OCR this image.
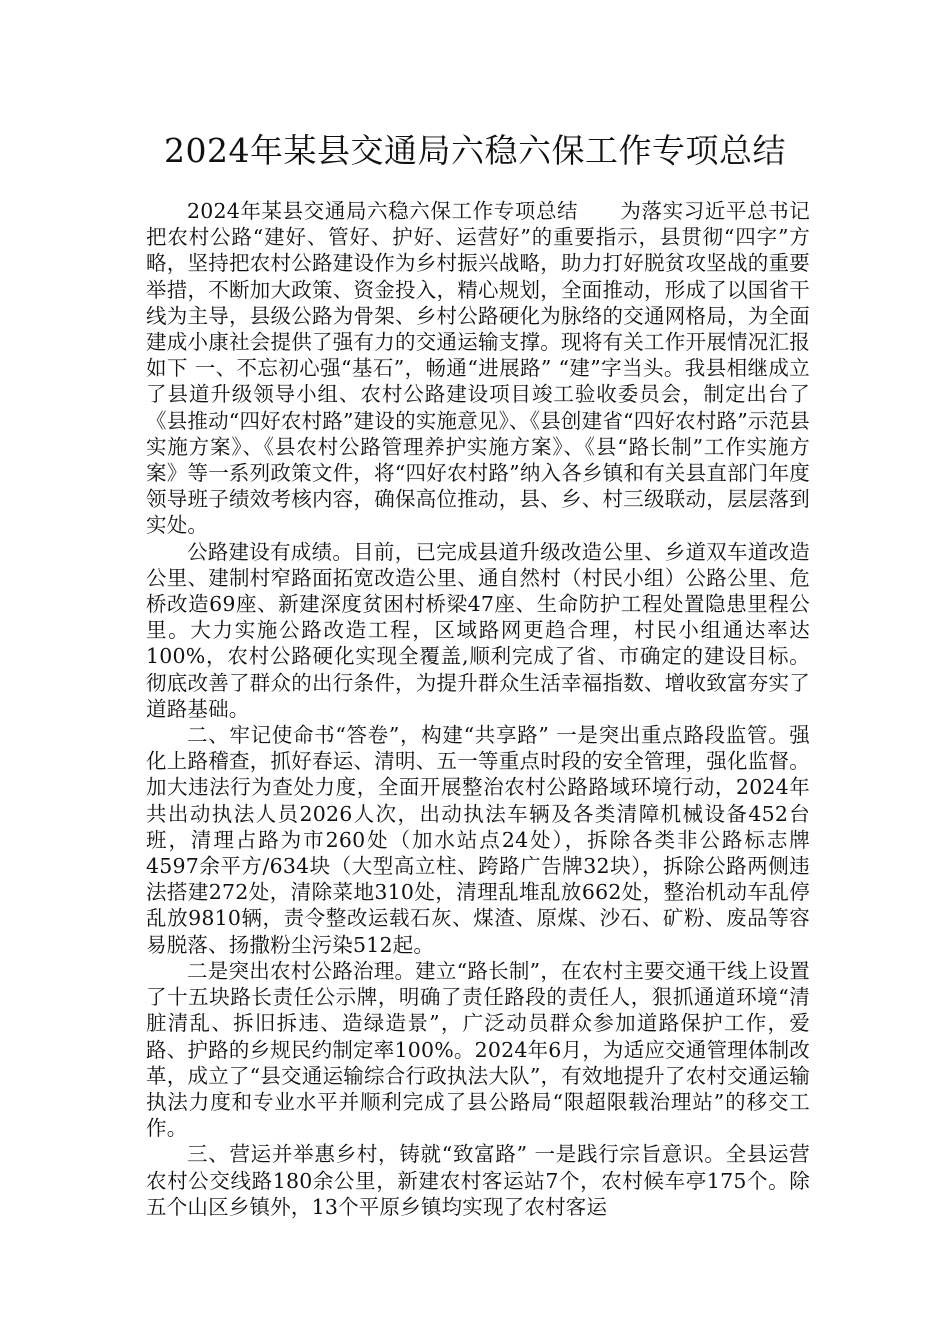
2024年某县交通局六稳六保工作专项总结

2024年某县交通局六稳六保工作专项总结　　为落实习近平总书记把农村公路“建好、管好、护好、运营好”的重要指示，县贯彻“四字”方略，坚持把农村公路建设作为乡村振兴战略，助力打好脱贫攻坚战的重要举措，不断加大政策、资金投入，精心规划，全面推动，形成了以国省干线为主导，县级公路为骨架、乡村公路硬化为脉络的交通网格局，为全面建成小康社会提供了强有力的交通运输支撑。现将有关工作开展情况汇报如下 一、不忘初心强“基石”，畅通“进展路” “建”字当头。我县相继成立了县道升级领导小组、农村公路建设项目竣工验收委员会，制定出台了《县推动“四好农村路”建设的实施意见》、《县创建省“四好农村路”示范县实施方案》、《县农村公路管理养护实施方案》、《县“路长制”工作实施方案》等一系列政策文件，将“四好农村路”纳入各乡镇和有关县直部门年度领导班子绩效考核内容，确保高位推动，县、乡、村三级联动，层层落到实处。

公路建设有成绩。目前，已完成县道升级改造公里、乡道双车道改造公里、建制村窄路面拓宽改造公里、通自然村（村民小组）公路公里、危桥改造69座、新建深度贫困村桥梁47座、生命防护工程处置隐患里程公里。大力实施公路改造工程，区域路网更趋合理，村民小组通达率达100%，农村公路硬化实现全覆盖,顺利完成了省、市确定的建设目标。彻底改善了群众的出行条件，为提升群众生活幸福指数、增收致富夯实了道路基础。

二、牢记使命书“答卷”，构建“共享路” 一是突出重点路段监管。强化上路稽查，抓好春运、清明、五一等重点时段的安全管理，强化监督。加大违法行为查处力度，全面开展整治农村公路路域环境行动，2024年共出动执法人员2026人次，出动执法车辆及各类清障机械设备452台班，清理占路为市260处（加水站点24处），拆除各类非公路标志牌4597余平方/634块（大型高立柱、跨路广告牌32块），拆除公路两侧违法搭建272处，清除菜地310处，清理乱堆乱放662处，整治机动车乱停乱放9810辆，责令整改运载石灰、煤渣、原煤、沙石、矿粉、废品等容易脱落、扬撒粉尘污染512起。

二是突出农村公路治理。建立“路长制”，在农村主要交通干线上设置了十五块路长责任公示牌，明确了责任路段的责任人，狠抓通道环境“清脏清乱、拆旧拆违、造绿造景”，广泛动员群众参加道路保护工作，爱路、护路的乡规民约制定率100%。2024年6月，为适应交通管理体制改革，成立了“县交通运输综合行政执法大队”，有效地提升了农村交通运输执法力度和专业水平并顺利完成了县公路局“限超限载治理站”的移交工作。

三、营运并举惠乡村，铸就“致富路” 一是践行宗旨意识。全县运营农村公交线路180余公里，新建农村客运站7个，农村候车亭175个。除五个山区乡镇外，13个平原乡镇均实现了农村客运
